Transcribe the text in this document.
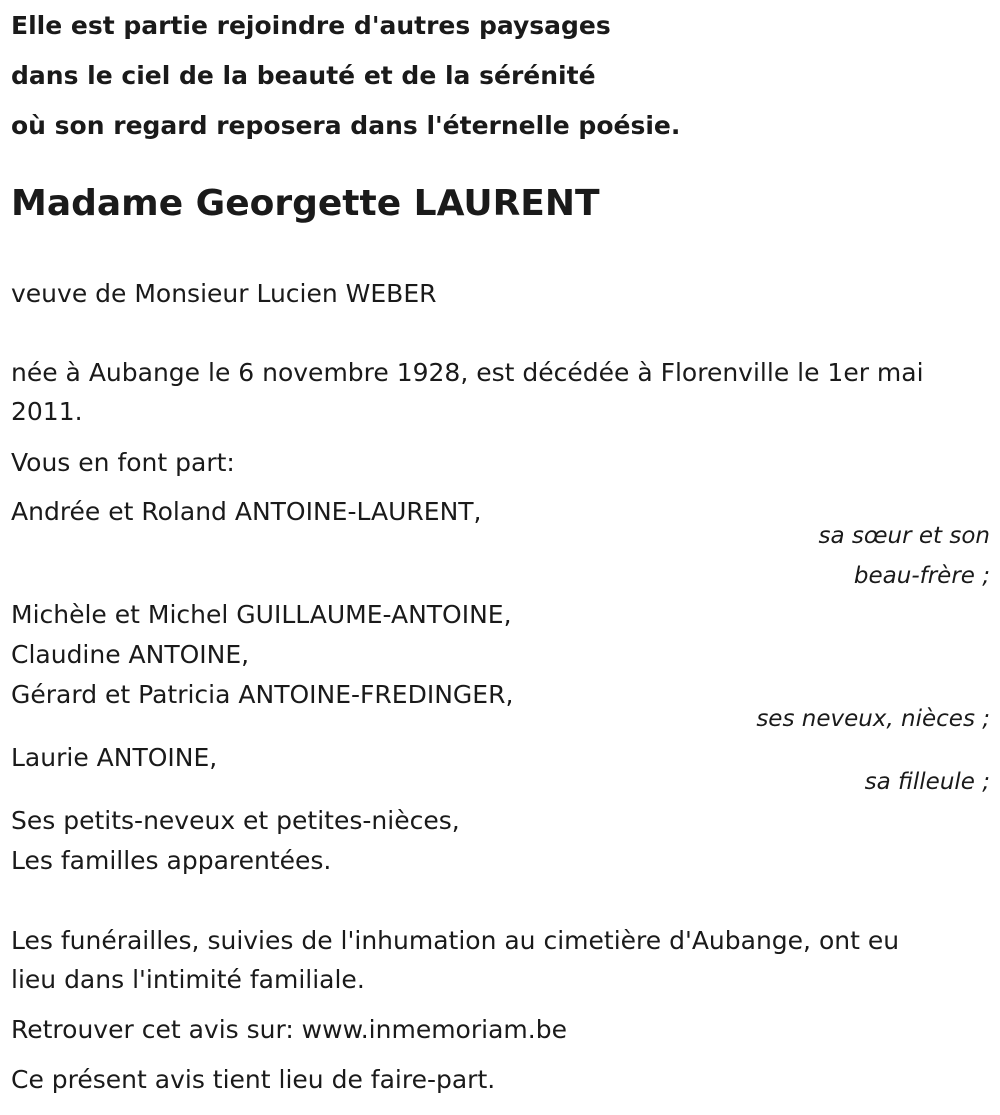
Elle est partie rejoindre d'autres paysages

dans le ciel de la beauté et de la sérénité

où son regard reposera dans l'éternelle poésie.

Madame Georgette LAURENT

veuve de Monsieur Lucien WEBER

née à Aubange le 6 novembre 1928, est décédée à Florenville le 1er mai

2011.

Vous en font part:

Andrée et Roland ANTOINE-LAURENT,

sa sœur et son

beau-frère ;

Michèle et Michel GUILLAUME-ANTOINE,

Claudine ANTOINE,

Gérard et Patricia ANTOINE-FREDINGER,

ses neveux, nièces ;

Laurie ANTOINE,

sa filleule ;

Ses petits-neveux et petites-nièces,

Les familles apparentées.

Les funérailles, suivies de l'inhumation au cimetière d'Aubange, ont eu

lieu dans l'intimité familiale.

Retrouver cet avis sur: www.inmemoriam.be

Ce présent avis tient lieu de faire-part.
